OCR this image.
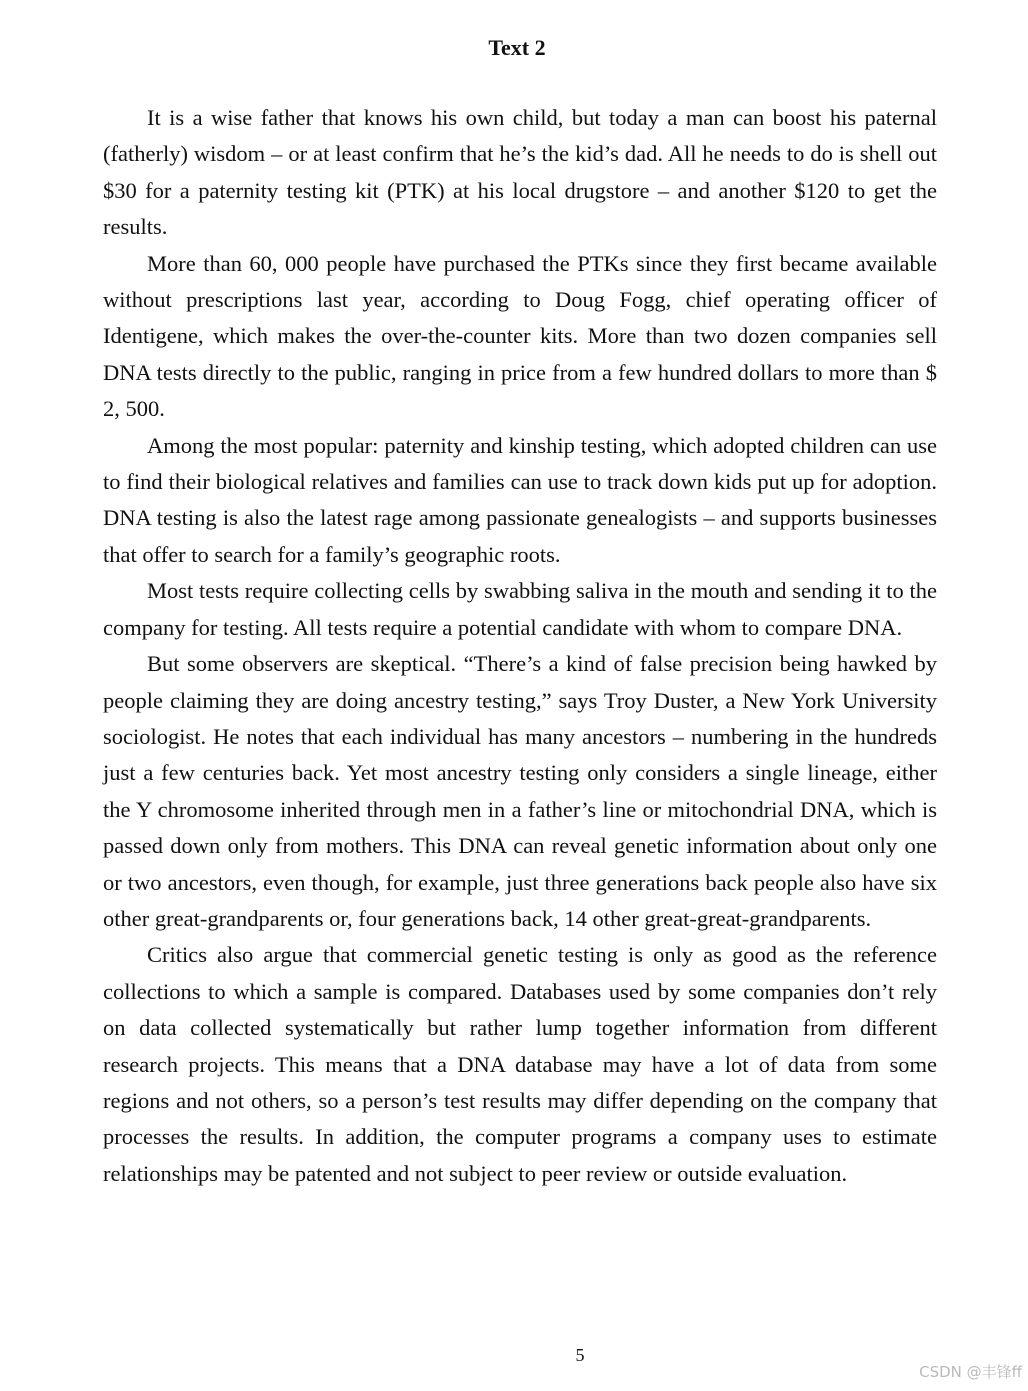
Text 2

It is a wise father that knows his own child, but today a man can boost his paternal (fatherly) wisdom – or at least confirm that he’s the kid’s dad. All he needs to do is shell out $30 for a paternity testing kit (PTK) at his local drugstore – and another $120 to get the results.

More than 60, 000 people have purchased the PTKs since they first became available without prescriptions last year, according to Doug Fogg, chief operating officer of Identigene, which makes the over-the-counter kits. More than two dozen companies sell DNA tests directly to the public, ranging in price from a few hundred dollars to more than $ 2, 500.

Among the most popular: paternity and kinship testing, which adopted children can use to find their biological relatives and families can use to track down kids put up for adoption. DNA testing is also the latest rage among passionate genealogists – and supports businesses that offer to search for a family’s geographic roots.

Most tests require collecting cells by swabbing saliva in the mouth and sending it to the company for testing. All tests require a potential candidate with whom to compare DNA.

But some observers are skeptical. “There’s a kind of false precision being hawked by people claiming they are doing ancestry testing,” says Troy Duster, a New York University sociologist. He notes that each individual has many ancestors – numbering in the hundreds just a few centuries back. Yet most ancestry testing only considers a single lineage, either the Y chromosome inherited through men in a father’s line or mitochondrial DNA, which is passed down only from mothers. This DNA can reveal genetic information about only one or two ancestors, even though, for example, just three generations back people also have six other great-grandparents or, four generations back, 14 other great-great-grandparents.

Critics also argue that commercial genetic testing is only as good as the reference collections to which a sample is compared. Databases used by some companies don’t rely on data collected systematically but rather lump together information from different research projects. This means that a DNA database may have a lot of data from some regions and not others, so a person’s test results may differ depending on the company that processes the results. In addition, the computer programs a company uses to estimate relationships may be patented and not subject to peer review or outside evaluation.

5
CSDN @丰锋ff
